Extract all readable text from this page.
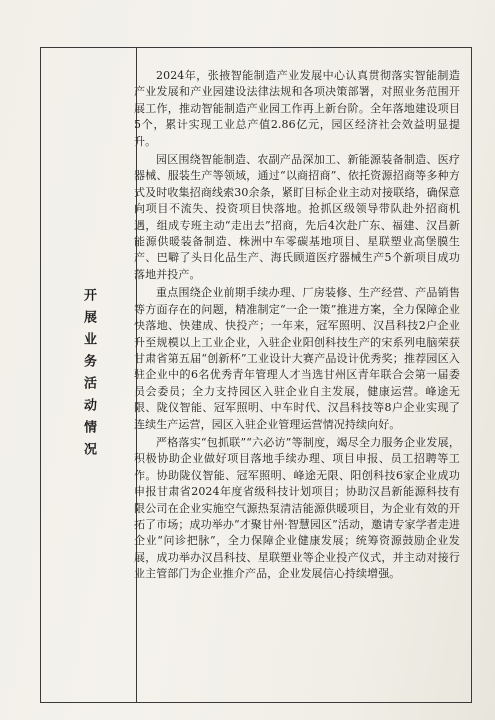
开展业务活动情况

2024年，张掖智能制造产业发展中心认真贯彻落实智能制造产业发展和产业园建设法律法规和各项决策部署，对照业务范围开展工作，推动智能制造产业园工作再上新台阶。全年落地建设项目5个，累计实现工业总产值2.86亿元，园区经济社会效益明显提升。

园区围绕智能制造、农副产品深加工、新能源装备制造、医疗器械、服装生产等领域，通过“以商招商”、依托资源招商等多种方式及时收集招商线索30余条，紧盯目标企业主动对接联络，确保意向项目不流失、投资项目快落地。抢抓区级领导带队赴外招商机遇，组成专班主动“走出去”招商，先后4次赴广东、福建、汉昌新能源供暖装备制造、株洲中车零碳基地项目、星联塑业高堡膜生产、巴噼了头日化品生产、海氏顾道医疗器械生产5个新项目成功落地并投产。

重点围绕企业前期手续办理、厂房装修、生产经营、产品销售等方面存在的问题，精准制定“一企一策”推进方案，全力保障企业快落地、快建成、快投产；一年来，冠军照明、汉昌科技2户企业升至规模以上工业企业，入驻企业阳创科技生产的宋系列电脑荣获甘肃省第五届“创新杯”工业设计大赛产品设计优秀奖；推荐园区入驻企业中的6名优秀青年管理人才当选甘州区青年联合会第一届委员会委员；全力支持园区入驻企业自主发展，健康运营。峰途无限、陇仪智能、冠军照明、中车时代、汉昌科技等8户企业实现了连续生产运营，园区入驻企业管理运营情况持续向好。

严格落实“包抓联”“六必访”等制度，竭尽全力服务企业发展，积极协助企业做好项目落地手续办理、项目申报、员工招聘等工作。协助陇仪智能、冠军照明、峰途无限、阳创科技6家企业成功申报甘肃省2024年度省级科技计划项目；协助汉昌新能源科技有限公司在企业实施空气源热泵清洁能源供暖项目，为企业有效的开拓了市场；成功举办“才聚甘州·智慧园区”活动，邀请专家学者走进企业“问诊把脉”，全力保障企业健康发展；统筹资源鼓励企业发展，成功举办汉昌科技、星联塑业等企业投产仪式，并主动对接行业主管部门为企业推介产品，企业发展信心持续增强。
